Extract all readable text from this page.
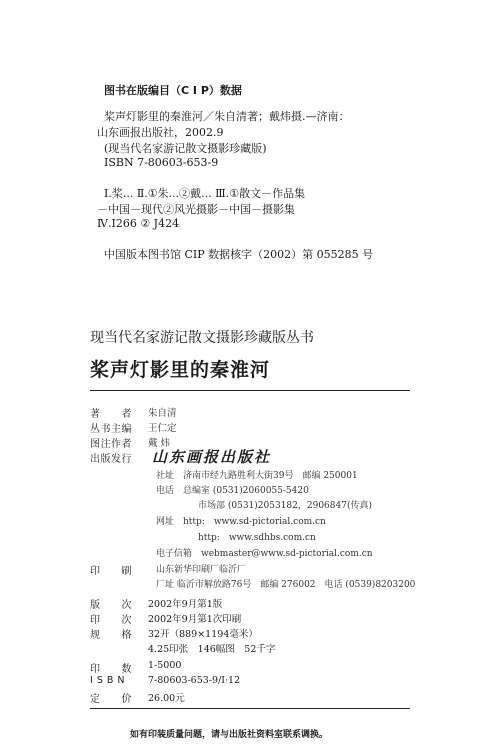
图书在版编目（C I P）数据
桨声灯影里的秦淮河／朱自清著；戴炜摄.—济南：
山东画报出版社，2002.9
(现当代名家游记散文摄影珍藏版)
ISBN 7-80603-653-9
Ⅰ.桨... Ⅱ.①朱...②戴... Ⅲ.①散文－作品集
－中国－现代②风光摄影－中国－摄影集
Ⅳ.I266 ② J424
中国版本图书馆 CIP 数据核字（2002）第 055285 号
现当代名家游记散文摄影珍藏版丛书
桨声灯影里的秦淮河
著　　者 朱自清
丛书主编 王仁定
图注作者 戴 炜
出版发行 山东画报出版社
社址　济南市经九路胜利大街39号　邮编 250001
电话　总编室 (0531)2060055-5420
市场部 (0531)2053182，2906847(传真)
网址　http:　www.sd-pictorial.com.cn
http:　www.sdhbs.com.cn
电子信箱　webmaster@www.sd-pictorial.com.cn
印　　刷	山东新华印刷厂临沂厂
厂址 临沂市解放路76号　邮编 276002　电话 (0539)8203200
版　　次 2002年9月第1版
印　　次 2002年9月第1次印刷
规　　格 32开（889×1194毫米）
4.25印张　146幅图　52千字
印　　数 1-5000
I S B N 7-80603-653-9/I·12
定　　价 26.00元
如有印装质量问题，请与出版社资料室联系调换。
